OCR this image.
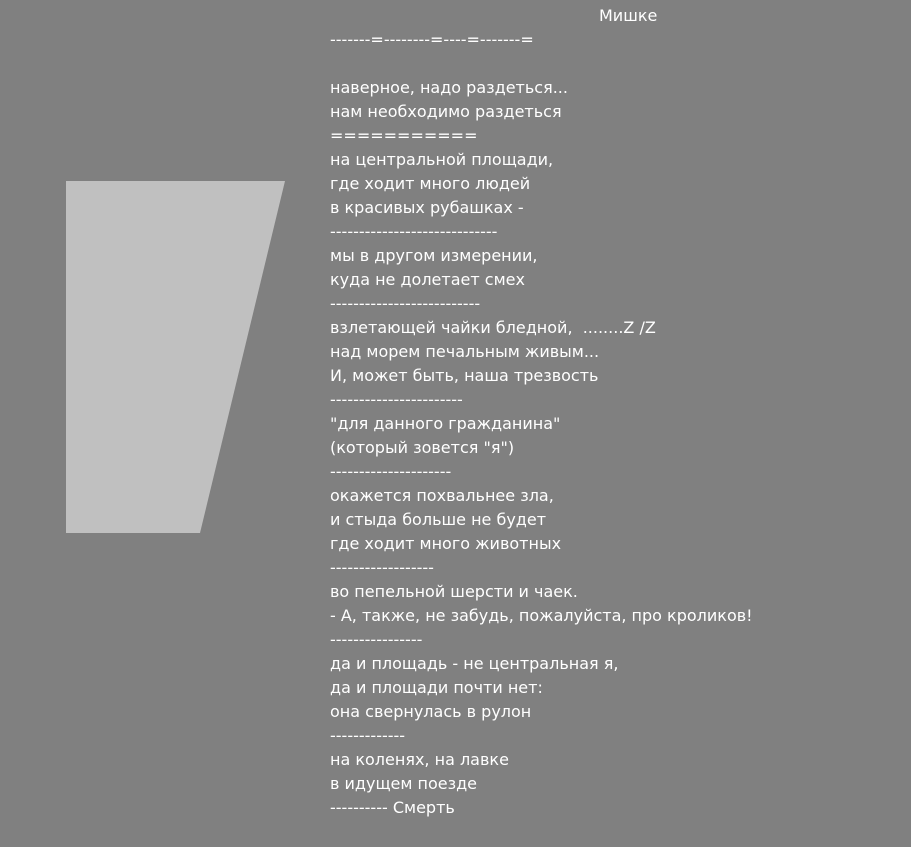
Мишке
-------=--------=----=-------=
наверное, надо раздеться...
нам необходимо раздеться
===========
на центральной площади,
где ходит много людей
в красивых рубашках -
-----------------------------
мы в другом измерении,
куда не долетает смех
--------------------------
взлетающей чайки бледной,  ........Z /Z
над морем печальным живым...
И, может быть, наша трезвость
-----------------------
"для данного гражданина"
(который зовется "я")
---------------------
окажется похвальнее зла,
и стыда больше не будет
где ходит много животных
------------------
во пепельной шерсти и чаек.
- А, также, не забудь, пожалуйста, про кроликов!
----------------
да и площадь - не центральная я,
да и площади почти нет:
она свернулась в рулон
-------------
на коленях, на лавке
в идущем поезде
---------- Смерть
